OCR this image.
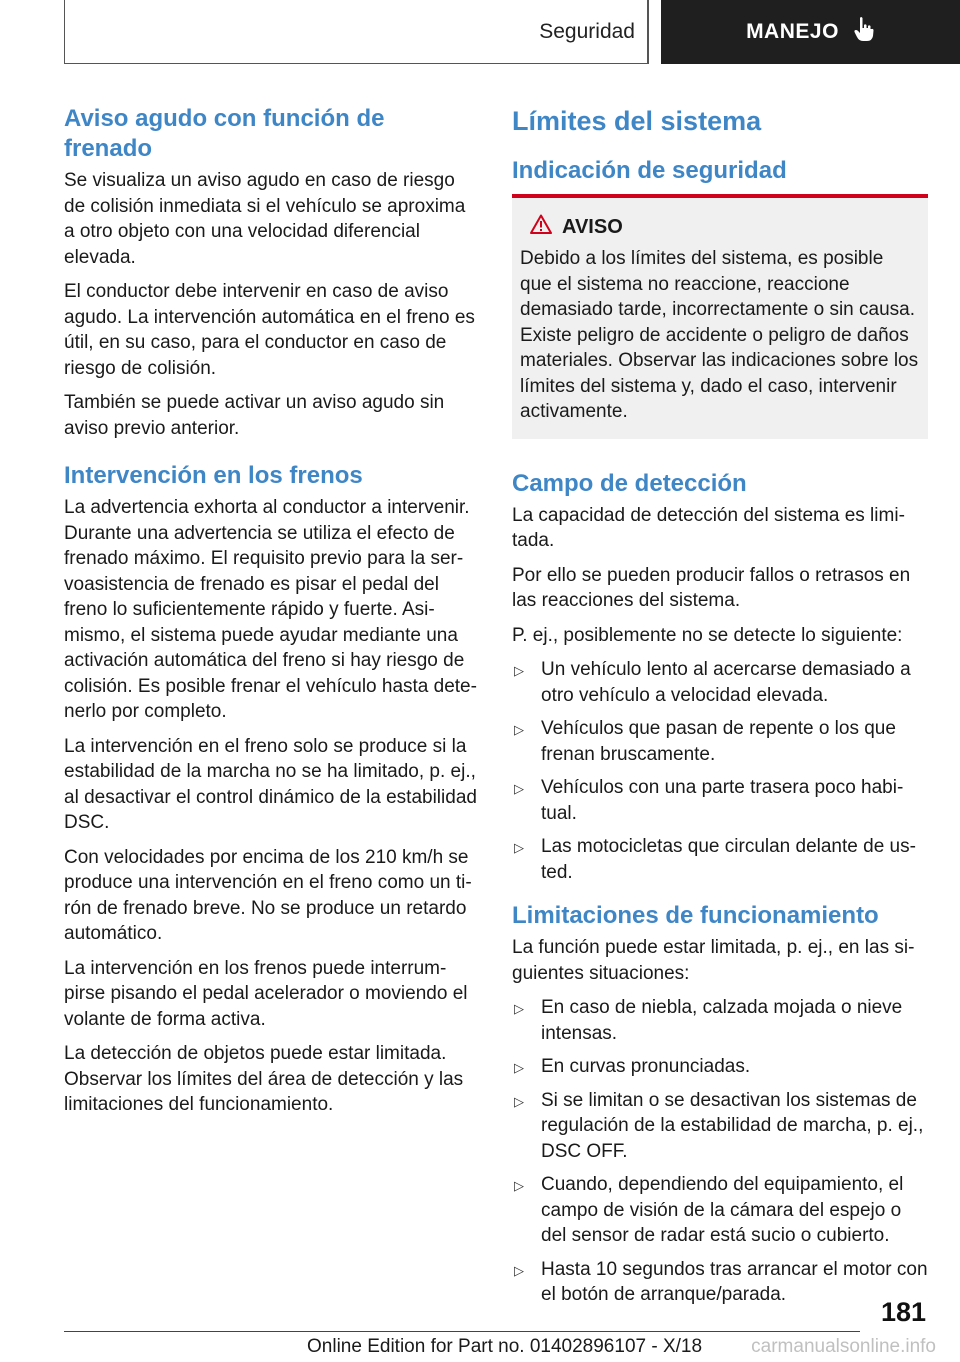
Seguridad	MANEJO
Aviso agudo con función de frenado

Se visualiza un aviso agudo en caso de riesgo de colisión inmediata si el vehículo se aproxima a otro objeto con una velocidad diferencial elevada.

El conductor debe intervenir en caso de aviso agudo. La intervención automática en el freno es útil, en su caso, para el conductor en caso de riesgo de colisión.

También se puede activar un aviso agudo sin aviso previo anterior.

Intervención en los frenos

La advertencia exhorta al conductor a intervenir. Durante una advertencia se utiliza el efecto de frenado máximo. El requisito previo para la servoasistencia de frenado es pisar el pedal del freno lo suficientemente rápido y fuerte. Asimismo, el sistema puede ayudar mediante una activación automática del freno si hay riesgo de colisión. Es posible frenar el vehículo hasta detenerlo por completo.

La intervención en el freno solo se produce si la estabilidad de la marcha no se ha limitado, p. ej., al desactivar el control dinámico de la estabilidad DSC.

Con velocidades por encima de los 210 km/h se produce una intervención en el freno como un tirón de frenado breve. No se produce un retardo automático.

La intervención en los frenos puede interrumpirse pisando el pedal acelerador o moviendo el volante de forma activa.

La detección de objetos puede estar limitada. Observar los límites del área de detección y las limitaciones del funcionamiento.

Límites del sistema
Indicación de seguridad
AVISO

Debido a los límites del sistema, es posible que el sistema no reaccione, reaccione demasiado tarde, incorrectamente o sin causa. Existe peligro de accidente o peligro de daños materiales. Observar las indicaciones sobre los límites del sistema y, dado el caso, intervenir activamente.

Campo de detección

La capacidad de detección del sistema es limitada.

Por ello se pueden producir fallos o retrasos en las reacciones del sistema.

P. ej., posiblemente no se detecte lo siguiente:

▷ Un vehículo lento al acercarse demasiado a otro vehículo a velocidad elevada.
▷ Vehículos que pasan de repente o los que frenan bruscamente.
▷ Vehículos con una parte trasera poco habitual.
▷ Las motocicletas que circulan delante de usted.
Limitaciones de funcionamiento

La función puede estar limitada, p. ej., en las siguientes situaciones:

▷ En caso de niebla, calzada mojada o nieve intensas.
▷ En curvas pronunciadas.
▷ Si se limitan o se desactivan los sistemas de regulación de la estabilidad de marcha, p. ej., DSC OFF.
▷ Cuando, dependiendo del equipamiento, el campo de visión de la cámara del espejo o del sensor de radar está sucio o cubierto.
▷ Hasta 10 segundos tras arrancar el motor con el botón de arranque/parada.
181
Online Edition for Part no. 01402896107 - X/18	carmanualsonline.info
